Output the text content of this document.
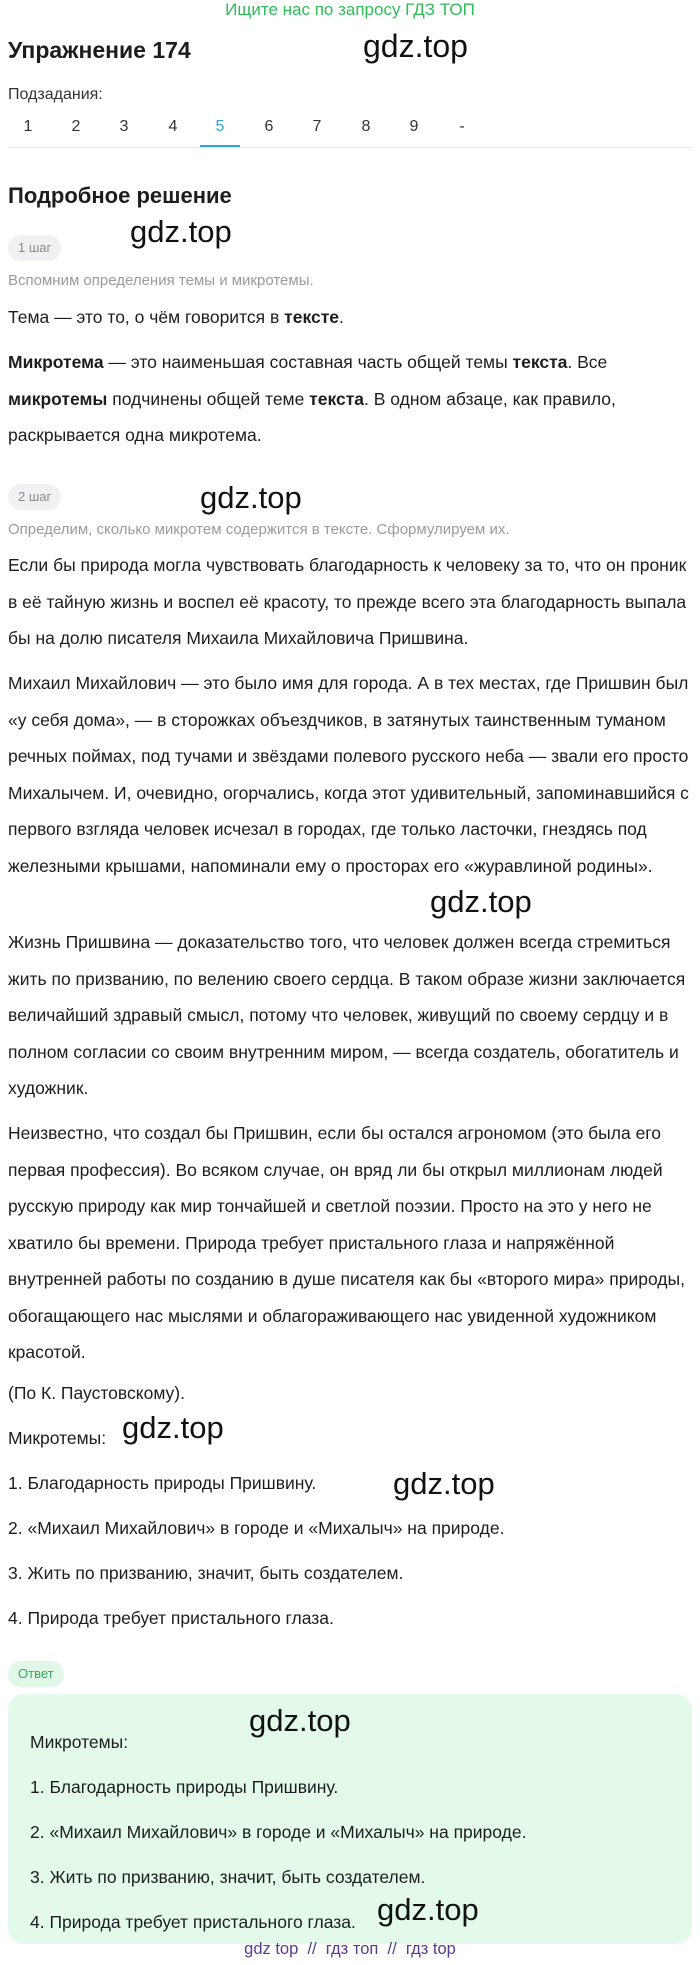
Ищите нас по запросу ГДЗ ТОП
Упражнение 174	gdz.top
Подзадания:
1	2	3	4	5	6	7	8	9	-
Подробное решение
1 шаг	gdz.top
Вспомним определения темы и микротемы.

Тема — это то, о чём говорится в тексте.

Микротема — это наименьшая составная часть общей темы текста. Все микротемы подчинены общей теме текста. В одном абзаце, как правило, раскрывается одна микротема.

2 шаг	gdz.top
Определим, сколько микротем содержится в тексте. Сформулируем их.

Если бы природа могла чувствовать благодарность к человеку за то, что он проник в её тайную жизнь и воспел её красоту, то прежде всего эта благодарность выпала бы на долю писателя Михаила Михайловича Пришвина.

Михаил Михайлович — это было имя для города. А в тех местах, где Пришвин был «у себя дома», — в сторожках объездчиков, в затянутых таинственным туманом речных поймах, под тучами и звёздами полевого русского неба — звали его просто Михалычем. И, очевидно, огорчались, когда этот удивительный, запоминавшийся с первого взгляда человек исчезал в городах, где только ласточки, гнездясь под железными крышами, напоминали ему о просторах его «журавлиной родины».

gdz.top

Жизнь Пришвина — доказательство того, что человек должен всегда стремиться жить по призванию, по велению своего сердца. В таком образе жизни заключается величайший здравый смысл, потому что человек, живущий по своему сердцу и в полном согласии со своим внутренним миром, — всегда создатель, обогатитель и художник.

Неизвестно, что создал бы Пришвин, если бы остался агрономом (это была его первая профессия). Во всяком случае, он вряд ли бы открыл миллионам людей русскую природу как мир тончайшей и светлой поэзии. Просто на это у него не хватило бы времени. Природа требует пристального глаза и напряжённой внутренней работы по созданию в душе писателя как бы «второго мира» природы, обогащающего нас мыслями и облагораживающего нас увиденной художником красотой.

(По К. Паустовскому).

Микротемы: gdz.top

1. Благодарность природы Пришвину.	gdz.top

2. «Михаил Михайлович» в городе и «Михалыч» на природе.

3. Жить по призванию, значит, быть создателем.

4. Природа требует пристального глаза.

Ответ

Микротемы:

gdz.top

1. Благодарность природы Пришвину.

2. «Михаил Михайлович» в городе и «Михалыч» на природе.

3. Жить по призванию, значит, быть создателем.

4. Природа требует пристального глаза. gdz.top
gdz top // гдз топ // гдз top
